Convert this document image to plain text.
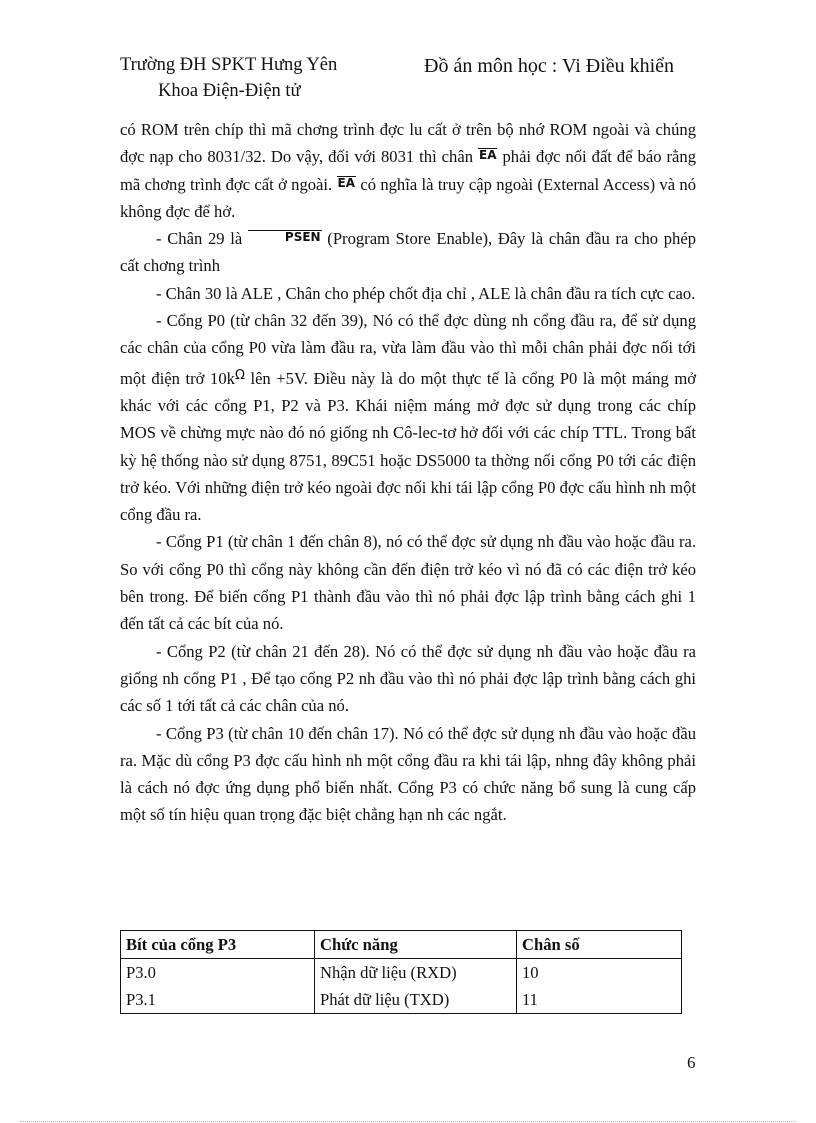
Trường ĐH SPKT Hưng Yên
Khoa Điện-Điện tử
Đồ án môn học : Vi Điều khiển

có ROM trên chíp thì mã chơng trình đợc lu cất ở trên bộ nhớ ROM ngoài và chúng đợc nạp cho 8031/32. Do vậy, đối với 8031 thì chân EA phải đợc nối đất để báo rằng mã chơng trình đợc cất ở ngoài. EA có nghĩa là truy cập ngoài (External Access) và nó không đợc để hở.

- Chân 29 là	PSEN (Program Store Enable), Đây là chân đầu ra cho phép cất chơng trình

- Chân 30 là ALE , Chân cho phép chốt địa chỉ , ALE là chân đầu ra tích cực cao.

- Cổng P0 (từ chân 32 đến 39), Nó có thể đợc dùng nh cổng đầu ra, để sử dụng các chân của cổng P0 vừa làm đầu ra, vừa làm đầu vào thì mỗi chân phải đợc nối tới một điện trở $10k^\Omega$ lên +5V. Điều này là do một thực tế là cổng P0 là một máng mở khác với các cổng P1, P2 và P3. Khái niệm máng mở đợc sử dụng trong các chíp MOS về chừng mực nào đó nó giống nh Cô-lec-tơ hở đối với các chíp TTL. Trong bất kỳ hệ thống nào sử dụng 8751, 89C51 hoặc DS5000 ta thờng nối cổng P0 tới các điện trở kéo. Với những điện trở kéo ngoài đợc nối khi tái lập cổng P0 đợc cấu hình nh một cổng đầu ra.

- Cổng P1 (từ chân 1 đến chân 8), nó có thể đợc sử dụng nh đầu vào hoặc đầu ra. So với cổng P0 thì cổng này không cần đến điện trở kéo vì nó đã có các điện trở kéo bên trong. Để biến cổng P1 thành đầu vào thì nó phải đợc lập trình bằng cách ghi 1 đến tất cả các bít của nó.

- Cổng P2 (từ chân 21 đến 28). Nó có thể đợc sử dụng nh đầu vào hoặc đầu ra giống nh cổng P1 , Để tạo cổng P2 nh đầu vào thì nó phải đợc lập trình bằng cách ghi các số 1 tới tất cả các chân của nó.

- Cổng P3 (từ chân 10 đến chân 17). Nó có thể đợc sử dụng nh đầu vào hoặc đầu ra. Mặc dù cổng P3 đợc cấu hình nh một cổng đầu ra khi tái lập, nhng đây không phải là cách nó đợc ứng dụng phổ biến nhất. Cổng P3 có chức năng bổ sung là cung cấp một số tín hiệu quan trọng đặc biệt chẳng hạn nh các ngắt.

Bít của cổng P3	Chức năng	Chân số
P3.0	Nhận dữ liệu (RXD)	10
P3.1	Phát dữ liệu (TXD)	11
6
